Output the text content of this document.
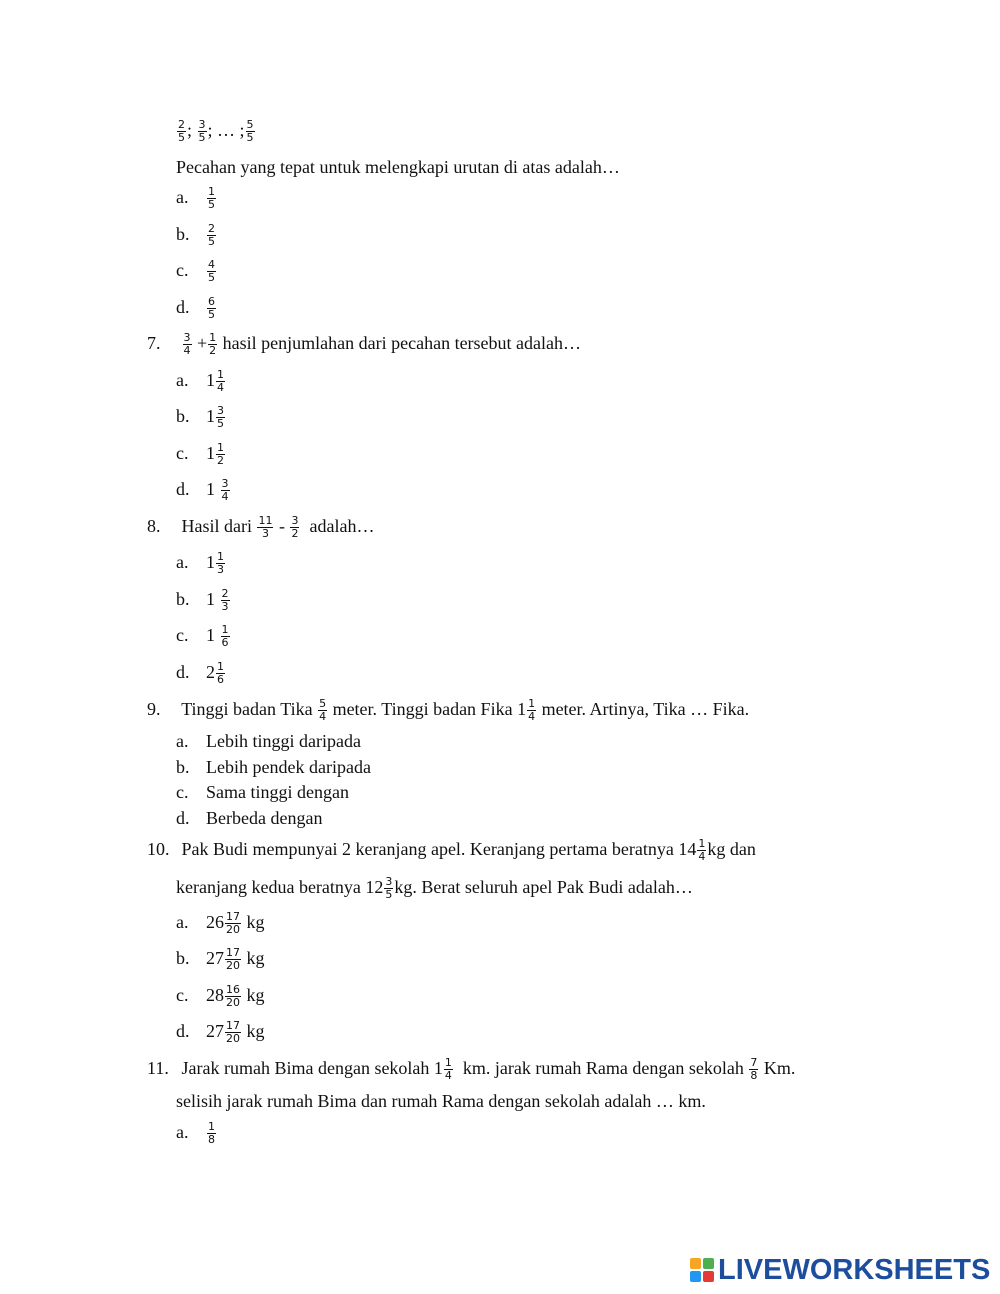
$\frac{2}{5}$ ; $\frac{3}{5}$ ; … ; $\frac{5}{5}$
Pecahan yang tepat untuk melengkapi urutan di atas adalah…
a. $\frac{1}{5}$
b. $\frac{2}{5}$
c. $\frac{4}{5}$
d. $\frac{6}{5}$
7. $\frac{3}{4} + \frac{1}{2}$ hasil penjumlahan dari pecahan tersebut adalah…
a. $1 \frac{1}{4}$
b. $1 \frac{3}{5}$
c. $1 \frac{1}{2}$
d. $1 \frac{3}{4}$
8. Hasil dari $\frac{11}{3} - \frac{3}{2}$ adalah…
a. $1 \frac{1}{3}$
b. $1 \frac{2}{3}$
c. $1 \frac{1}{6}$
d. $2 \frac{1}{6}$
9. Tinggi badan Tika $\frac{5}{4}$ meter. Tinggi badan Fika $1 \frac{1}{4}$ meter. Artinya, Tika … Fika.
a. Lebih tinggi daripada
b. Lebih pendek daripada
c. Sama tinggi dengan
d. Berbeda dengan
10. Pak Budi mempunyai 2 keranjang apel. Keranjang pertama beratnya $14 \frac{1}{4}$ kg dan
keranjang kedua beratnya $12 \frac{3}{5}$ kg. Berat seluruh apel Pak Budi adalah…
a. $26 \frac{17}{20}$ kg
b. $27 \frac{17}{20}$ kg
c. $28 \frac{16}{20}$ kg
d. $27 \frac{17}{20}$ kg
11. Jarak rumah Bima dengan sekolah $1 \frac{1}{4}$ km. jarak rumah Rama dengan sekolah $\frac{7}{8} Km$.
selisih jarak rumah Bima dan rumah Rama dengan sekolah adalah … km.
a. $\frac{1}{8}$
LIVEWORKSHEETS
